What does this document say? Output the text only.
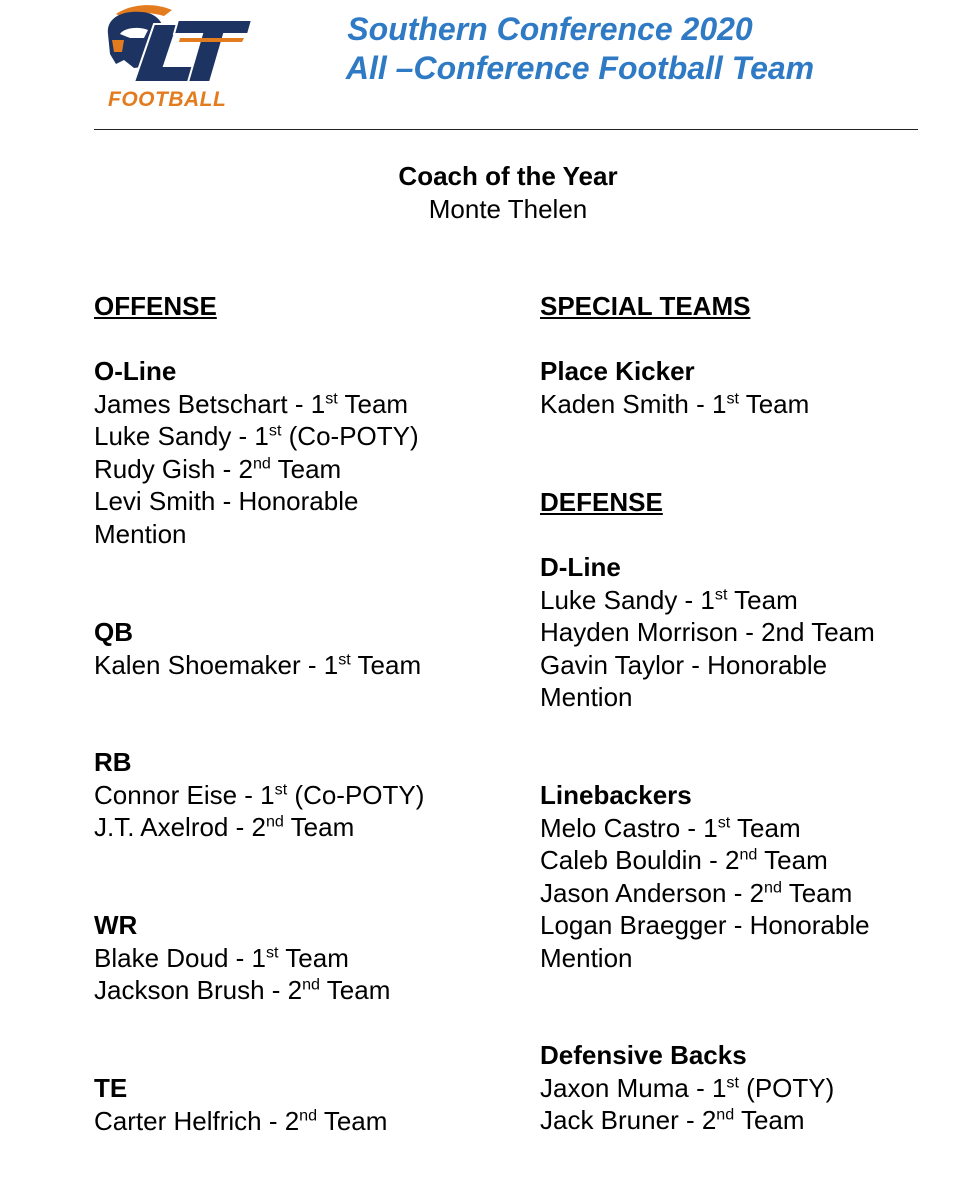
FOOTBALL
Southern Conference 2020
All –Conference Football Team
Coach of the Year
Monte Thelen
OFFENSE
O-Line
James Betschart - 1st Team
Luke Sandy - 1st (Co-POTY)
Rudy Gish - 2nd Team
Levi Smith - Honorable
Mention
QB
Kalen Shoemaker - 1st Team
RB
Connor Eise - 1st (Co-POTY)
J.T. Axelrod - 2nd Team
WR
Blake Doud - 1st Team
Jackson Brush - 2nd Team
TE
Carter Helfrich - 2nd Team
SPECIAL TEAMS
Place Kicker
Kaden Smith - 1st Team
DEFENSE
D-Line
Luke Sandy - 1st Team
Hayden Morrison - 2nd Team
Gavin Taylor - Honorable
Mention
Linebackers
Melo Castro - 1st Team
Caleb Bouldin - 2nd Team
Jason Anderson - 2nd Team
Logan Braegger - Honorable
Mention
Defensive Backs
Jaxon Muma - 1st (POTY)
Jack Bruner - 2nd Team
